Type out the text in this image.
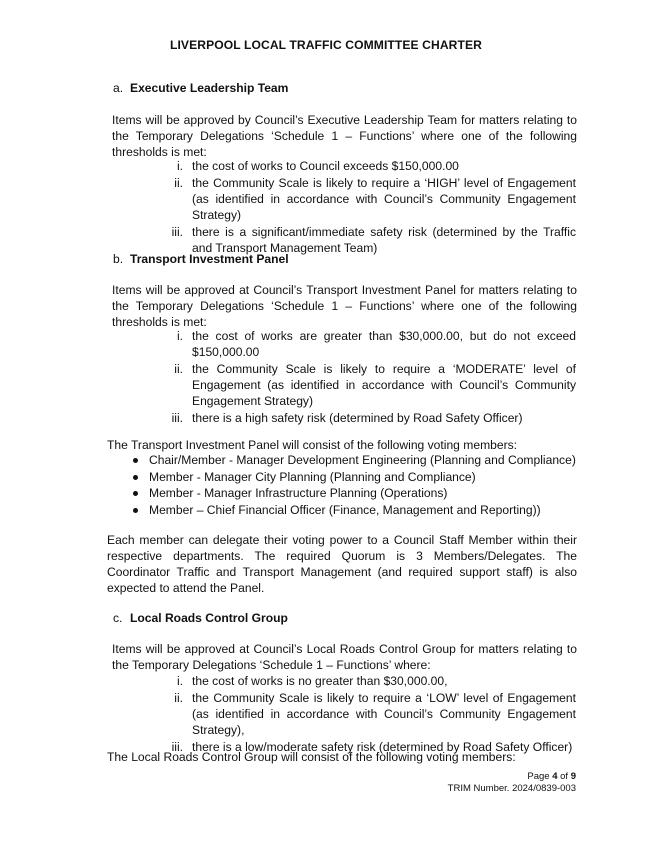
LIVERPOOL LOCAL TRAFFIC COMMITTEE CHARTER
a. Executive Leadership Team
Items will be approved by Council’s Executive Leadership Team for matters relating to the Temporary Delegations ‘Schedule 1 – Functions’ where one of the following thresholds is met:
i. the cost of works to Council exceeds $150,000.00
ii. the Community Scale is likely to require a ‘HIGH’ level of Engagement (as identified in accordance with Council’s Community Engagement Strategy)
iii. there is a significant/immediate safety risk (determined by the Traffic and Transport Management Team)
b. Transport Investment Panel
Items will be approved at Council’s Transport Investment Panel for matters relating to the Temporary Delegations ‘Schedule 1 – Functions’ where one of the following thresholds is met:
i. the cost of works are greater than $30,000.00, but do not exceed $150,000.00
ii. the Community Scale is likely to require a ‘MODERATE’ level of Engagement (as identified in accordance with Council’s Community Engagement Strategy)
iii. there is a high safety risk (determined by Road Safety Officer)
The Transport Investment Panel will consist of the following voting members:
Chair/Member - Manager Development Engineering (Planning and Compliance)
Member - Manager City Planning (Planning and Compliance)
Member - Manager Infrastructure Planning (Operations)
Member – Chief Financial Officer (Finance, Management and Reporting))
Each member can delegate their voting power to a Council Staff Member within their respective departments. The required Quorum is 3 Members/Delegates. The Coordinator Traffic and Transport Management (and required support staff) is also expected to attend the Panel.
c. Local Roads Control Group
Items will be approved at Council’s Local Roads Control Group for matters relating to the Temporary Delegations ‘Schedule 1 – Functions’ where:
i. the cost of works is no greater than $30,000.00,
ii. the Community Scale is likely to require a ‘LOW’ level of Engagement (as identified in accordance with Council’s Community Engagement Strategy),
iii. there is a low/moderate safety risk (determined by Road Safety Officer)
The Local Roads Control Group will consist of the following voting members:
Page 4 of 9
TRIM Number. 2024/0839-003
